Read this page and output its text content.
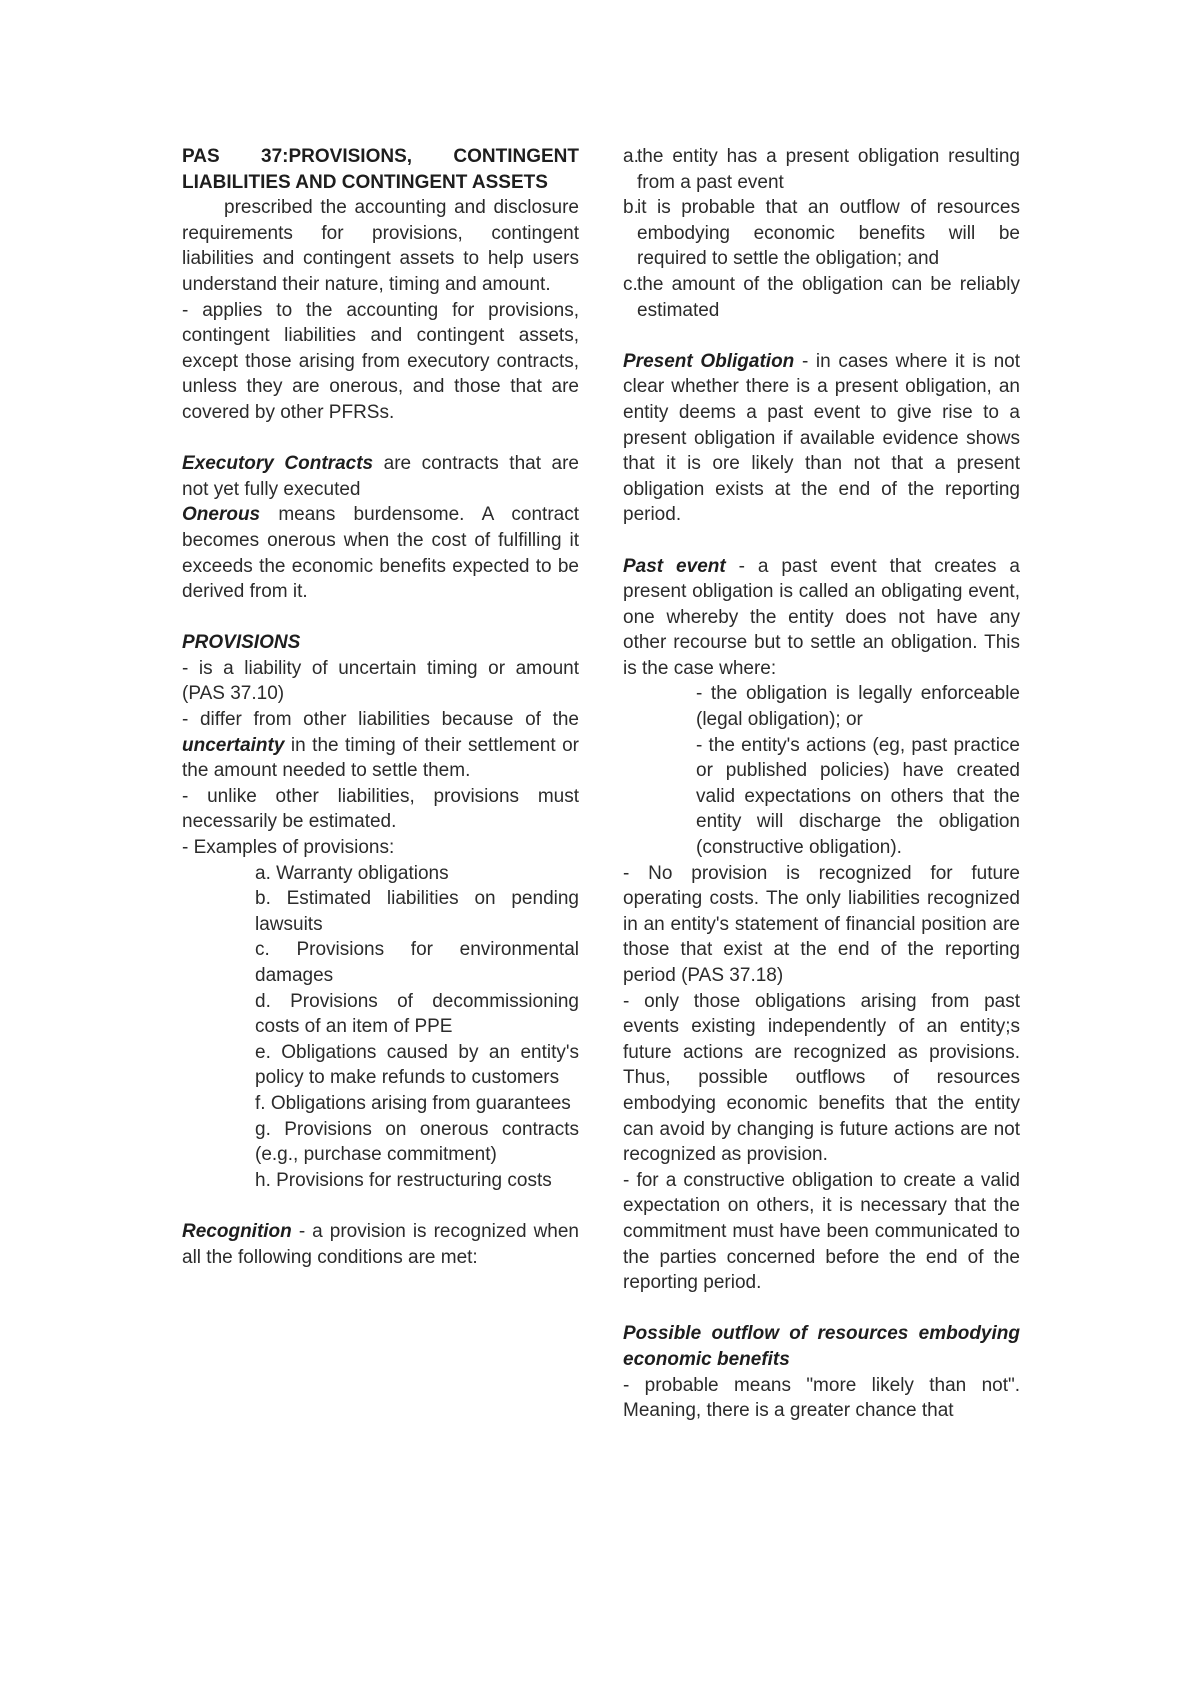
PAS 37:PROVISIONS, CONTINGENT LIABILITIES AND CONTINGENT ASSETS

prescribed the accounting and disclosure requirements for provisions, contingent liabilities and contingent assets to help users understand their nature, timing and amount.

- applies to the accounting for provisions, contingent liabilities and contingent assets, except those arising from executory contracts, unless they are onerous, and those that are covered by other PFRSs.

Executory Contracts are contracts that are not yet fully executed

Onerous means burdensome. A contract becomes onerous when the cost of fulfilling it exceeds the economic benefits expected to be derived from it.

PROVISIONS

- is a liability of uncertain timing or amount (PAS 37.10)

- differ from other liabilities because of the uncertainty in the timing of their settlement or the amount needed to settle them.

- unlike other liabilities, provisions must necessarily be estimated.

- Examples of provisions:

a. Warranty obligations

b. Estimated liabilities on pending lawsuits

c. Provisions for environmental damages

d. Provisions of decommissioning costs of an item of PPE

e. Obligations caused by an entity's policy to make refunds to customers

f. Obligations arising from guarantees

g. Provisions on onerous contracts (e.g., purchase commitment)

h. Provisions for restructuring costs

Recognition - a provision is recognized when all the following conditions are met:

a.
the entity has a present obligation resulting from a past event
b.
it is probable that an outflow of resources embodying economic benefits will be required to settle the obligation; and
c. the amount of the obligation can be reliably estimated

Present Obligation - in cases where it is not clear whether there is a present obligation, an entity deems a past event to give rise to a present obligation if available evidence shows that it is ore likely than not that a present obligation exists at the end of the reporting period.

Past event - a past event that creates a present obligation is called an obligating event, one whereby the entity does not have any other recourse but to settle an obligation. This is the case where:

- the obligation is legally enforceable (legal obligation); or

- the entity's actions (eg, past practice or published policies) have created valid expectations on others that the entity will discharge the obligation (constructive obligation).

- No provision is recognized for future operating costs. The only liabilities recognized in an entity's statement of financial position are those that exist at the end of the reporting period (PAS 37.18)

- only those obligations arising from past events existing independently of an entity;s future actions are recognized as provisions. Thus, possible outflows of resources embodying economic benefits that the entity can avoid by changing is future actions are not recognized as provision.

- for a constructive obligation to create a valid expectation on others, it is necessary that the commitment must have been communicated to the parties concerned before the end of the reporting period.

Possible outflow of resources embodying economic benefits

- probable means "more likely than not". Meaning, there is a greater chance that
